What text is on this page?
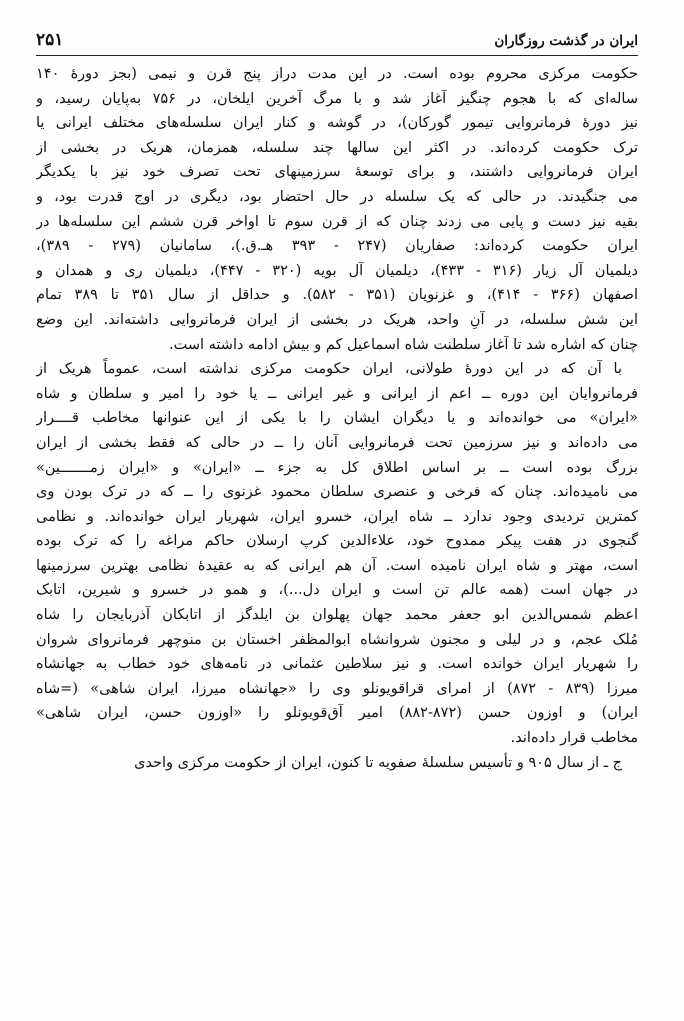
ایران در گذشت روزگاران
۲۵۱
حکومت مرکزی محروم بوده است. در این مدت دراز پنج قرن و نیمی (بجز دورهٔ ۱۴۰
ساله‌ای که با هجوم چنگیز آغاز شد و با مرگ آخرین ایلخان، در ۷۵۶ به‌پایان رسید، و
نیز دورهٔ فرمانروایی تیمور گورکان)، در گوشه و کنار ایران سلسله‌های مختلف ایرانی یا
ترک حکومت کرده‌اند. در اکثر این سالها چند سلسله، همزمان، هریک در بخشی از
ایران فرمانروایی داشتند، و برای توسعهٔ سرزمینهای تحت تصرف خود نیز با یکدیگر
می جنگیدند. در حالی که یک سلسله در حال احتضار بود، دیگری در اوج قدرت بود، و
بقیه نیز دست و پایی می زدند چنان که از قرن سوم تا اواخر قرن ششم این سلسله‌ها در
ایران حکومت کرده‌اند: صفاریان (۲۴۷ - ۳۹۳ هـ.ق.)، سامانیان (۲۷۹ - ۳۸۹)،
دیلمیان آل زیار (۳۱۶ - ۴۳۳)، دیلمیان آل بویه (۳۲۰ - ۴۴۷)، دیلمیان ری و همدان و
اصفهان (۳۶۶ - ۴۱۴)، و غزنویان (۳۵۱ - ۵۸۲). و حداقل از سال ۳۵۱ تا ۳۸۹ تمام
این شش سلسله، در آنِ واحد، هریک در بخشی از ایران فرمانروایی داشته‌اند. این وضع
چنان که اشاره شد تا آغاز سلطنت شاه اسماعیل کم و بیش ادامه داشته است.
با آن که در این دورهٔ طولانی، ایران حکومت مرکزی نداشته است، عموماً هریک از
فرمانروایان این دوره ــ اعم از ایرانی و غیر ایرانی ــ یا خود را امیر و سلطان و شاه
«ایران» می خوانده‌اند و یا دیگران ایشان را با یکی از این عنوانها مخاطب قــــرار
می داده‌اند و نیز سرزمین تحت فرمانروایی آنان را ــ در حالی که فقط بخشی از ایران
بزرگ بوده است ــ بر اساس اطلاق کل به جزء ــ «ایران» و «ایران زمـــــــین»
می نامیده‌اند. چنان که فرخی و عنصری سلطان محمود غزنوی را ــ که در ترک بودن وی
کمترین تردیدی وجود ندارد ــ شاه ایران، خسرو ایران، شهریار ایران خوانده‌اند. و نظامی
گنجوی در هفت پیکر ممدوح خود، علاء‌الدین کرپ ارسلان حاکم مراغه را که ترک بوده
است، مهتر و شاه ایران نامیده است. آن هم ایرانی که به عقیدهٔ نظامی بهترین سرزمینها
در جهان است (همه عالم تن است و ایران دل...)، و همو در خسرو و شیرین، اتابک
اعظم شمس‌الدین ابو جعفر محمد جهان پهلوان بن ایلدگز از اتابکان آذربایجان را شاه
مُلک عجم، و در لیلی و مجنون شروانشاه ابوالمظفر اخستان بن منوچهر فرمانروای شروان
را شهریار ایران خوانده است. و نیز سلاطین عثمانی در نامه‌های خود خطاب به جهانشاه
میرزا (۸۳۹ - ۸۷۲) از امرای قراقویونلو وی را «جهانشاه میرزا، ایران شاهی» (=شاه
ایران) و اوزون حسن (۸۷۲-۸۸۲) امیر آق‌قویونلو را «اوزون حسن، ایران شاهی»
مخاطب قرار داده‌اند.
ج ـ از سال ۹۰۵ و تأسیس سلسلهٔ صفویه تا کنون، ایران از حکومت مرکزی واحدی
